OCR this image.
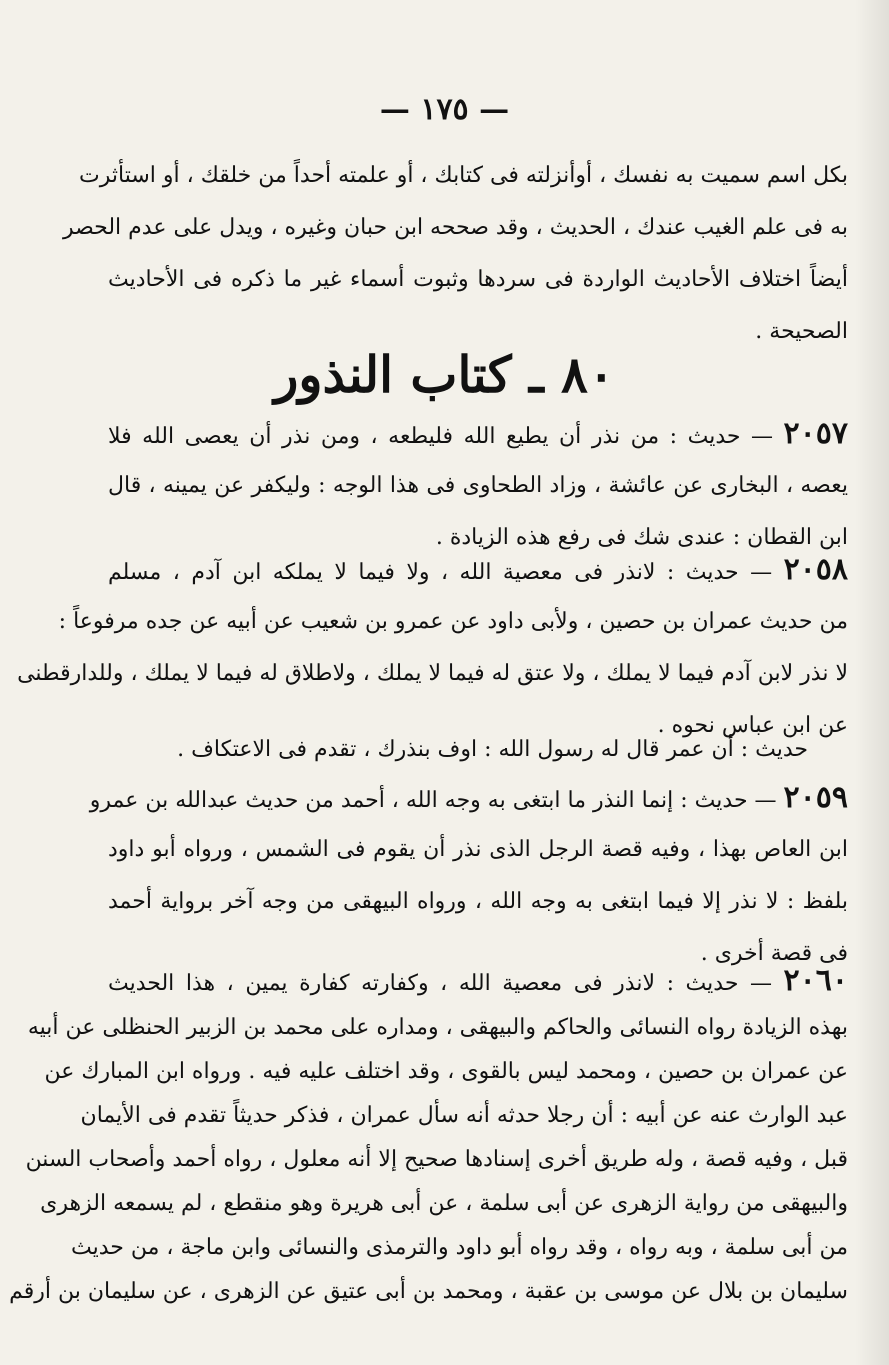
— ١٧٥ —
بكل اسم سميت به نفسك ، أوأنزلته فى كتابك ، أو علمته أحداً من خلقك ، أو استأثرت
به فى علم الغيب عندك ، الحديث ، وقد صححه ابن حبان وغيره ، ويدل على عدم الحصر
أيضاً اختلاف الأحاديث الواردة فى سردها وثبوت أسماء غير ما ذكره فى الأحاديث
الصحيحة .
٨٠ ـ كتاب النذور
٢٠٥٧ — حديث : من نذر أن يطيع الله فليطعه ، ومن نذر أن يعصى الله فلا
يعصه ، البخارى عن عائشة ، وزاد الطحاوى فى هذا الوجه : وليكفر عن يمينه ، قال
ابن القطان : عندى شك فى رفع هذه الزيادة .
٢٠٥٨ — حديث : لانذر فى معصية الله ، ولا فيما لا يملكه ابن آدم ، مسلم
من حديث عمران بن حصين ، ولأبى داود عن عمرو بن شعيب عن أبيه عن جده مرفوعاً :
لا نذر لابن آدم فيما لا يملك ، ولا عتق له فيما لا يملك ، ولاطلاق له فيما لا يملك ، وللدارقطنى
عن ابن عباس نحوه .
حديث : أن عمر قال له رسول الله : اوف بنذرك ، تقدم فى الاعتكاف .
٢٠٥٩ — حديث : إنما النذر ما ابتغى به وجه الله ، أحمد من حديث عبدالله بن عمرو
ابن العاص بهذا ، وفيه قصة الرجل الذى نذر أن يقوم فى الشمس ، ورواه أبو داود
بلفظ : لا نذر إلا فيما ابتغى به وجه الله ، ورواه البيهقى من وجه آخر برواية أحمد
فى قصة أخرى .
٢٠٦٠ — حديث : لانذر فى معصية الله ، وكفارته كفارة يمين ، هذا الحديث
بهذه الزيادة رواه النسائى والحاكم والبيهقى ، ومداره على محمد بن الزبير الحنظلى عن أبيه
عن عمران بن حصين ، ومحمد ليس بالقوى ، وقد اختلف عليه فيه . ورواه ابن المبارك عن
عبد الوارث عنه عن أبيه : أن رجلا حدثه أنه سأل عمران ، فذكر حديثاً تقدم فى الأيمان
قبل ، وفيه قصة ، وله طريق أخرى إسنادها صحيح إلا أنه معلول ، رواه أحمد وأصحاب السنن
والبيهقى من رواية الزهرى عن أبى سلمة ، عن أبى هريرة وهو منقطع ، لم يسمعه الزهرى
من أبى سلمة ، وبه رواه ، وقد رواه أبو داود والترمذى والنسائى وابن ماجة ، من حديث
سليمان بن بلال عن موسى بن عقبة ، ومحمد بن أبى عتيق عن الزهرى ، عن سليمان بن أرقم
